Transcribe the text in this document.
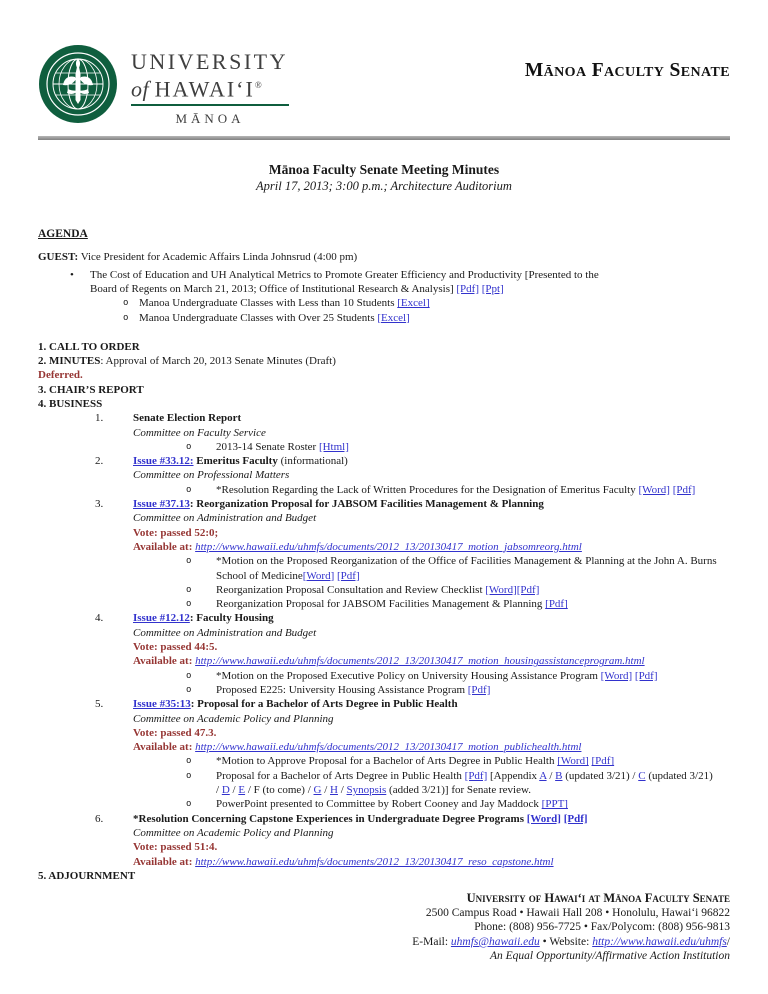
UNIVERSITY
of HAWAIʻI®
MĀNOA
Mānoa Faculty Senate
Mānoa Faculty Senate Meeting Minutes
April 17, 2013; 3:00 p.m.; Architecture Auditorium
AGENDA
GUEST: Vice President for Academic Affairs Linda Johnsrud (4:00 pm)
•	The Cost of Education and UH Analytical Metrics to Promote Greater Efficiency and Productivity [Presented to the
Board of Regents on March 21, 2013; Office of Institutional Research & Analysis] [Pdf] [Ppt]
o Manoa Undergraduate Classes with Less than 10 Students [Excel]
o Manoa Undergraduate Classes with Over 25 Students [Excel]
1. CALL TO ORDER
2. MINUTES: Approval of March 20, 2013 Senate Minutes (Draft)
Deferred.
3. CHAIR’S REPORT
4. BUSINESS
1.	Senate Election Report
Committee on Faculty Service
o	2013-14 Senate Roster [Html]
2.	Issue #33.12: Emeritus Faculty (informational)
Committee on Professional Matters
o	*Resolution Regarding the Lack of Written Procedures for the Designation of Emeritus Faculty [Word] [Pdf]
3.	Issue #37.13: Reorganization Proposal for JABSOM Facilities Management & Planning
Committee on Administration and Budget
Vote: passed 52:0;
Available at: http://www.hawaii.edu/uhmfs/documents/2012_13/20130417_motion_jabsomreorg.html
o	*Motion on the Proposed Reorganization of the Office of Facilities Management & Planning at the John A. Burns
School of Medicine[Word] [Pdf]
o	Reorganization Proposal Consultation and Review Checklist [Word][Pdf]
o	Reorganization Proposal for JABSOM Facilities Management & Planning [Pdf]
4.	Issue #12.12: Faculty Housing
Committee on Administration and Budget
Vote: passed 44:5.
Available at: http://www.hawaii.edu/uhmfs/documents/2012_13/20130417_motion_housingassistanceprogram.html
o	*Motion on the Proposed Executive Policy on University Housing Assistance Program [Word] [Pdf]
o	Proposed E225: University Housing Assistance Program [Pdf]
5.	Issue #35:13: Proposal for a Bachelor of Arts Degree in Public Health
Committee on Academic Policy and Planning
Vote: passed 47.3.
Available at: http://www.hawaii.edu/uhmfs/documents/2012_13/20130417_motion_publichealth.html
o	*Motion to Approve Proposal for a Bachelor of Arts Degree in Public Health [Word] [Pdf]
o	Proposal for a Bachelor of Arts Degree in Public Health [Pdf] [Appendix A / B (updated 3/21) / C (updated 3/21)
/ D / E / F (to come) / G / H / Synopsis (added 3/21)] for Senate review.
o	PowerPoint presented to Committee by Robert Cooney and Jay Maddock [PPT]
6.	*Resolution Concerning Capstone Experiences in Undergraduate Degree Programs [Word] [Pdf]
Committee on Academic Policy and Planning
Vote: passed 51:4.
Available at: http://www.hawaii.edu/uhmfs/documents/2012_13/20130417_reso_capstone.html
5. ADJOURNMENT
University of Hawaiʻi at Mānoa Faculty Senate
2500 Campus Road • Hawaii Hall 208 • Honolulu, Hawaiʻi 96822
Phone: (808) 956-7725 • Fax/Polycom: (808) 956-9813
E-Mail: uhmfs@hawaii.edu • Website: http://www.hawaii.edu/uhmfs/
An Equal Opportunity/Affirmative Action Institution
